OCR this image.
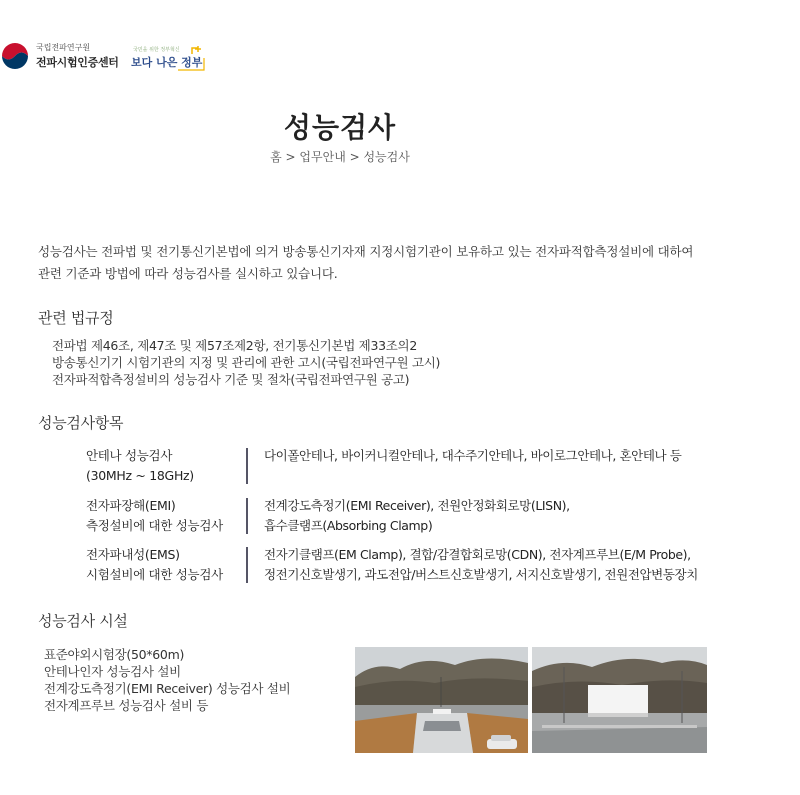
국립전파연구원
전파시험인증센터
국민을 위한 정부혁신
보다 나은 정부
성능검사
홈 > 업무안내 > 성능검사
성능검사는 전파법 및 전기통신기본법에 의거 방송통신기자재 지정시험기관이 보유하고 있는 전자파적합측정설비에 대하여
관련 기준과 방법에 따라 성능검사를 실시하고 있습니다.
관련 법규정
전파법 제46조, 제47조 및 제57조제2항, 전기통신기본법 제33조의2
방송통신기기 시험기관의 지정 및 관리에 관한 고시(국립전파연구원 고시)
전자파적합측정설비의 성능검사 기준 및 절차(국립전파연구원 공고)
성능검사항목
안테나 성능검사
(30MHz ~ 18GHz)
다이폴안테나, 바이커니컬안테나, 대수주기안테나, 바이로그안테나, 혼안테나 등
전자파장해(EMI)
측정설비에 대한 성능검사
전계강도측정기(EMI Receiver), 전원안정화회로망(LISN),
흡수클램프(Absorbing Clamp)
전자파내성(EMS)
시험설비에 대한 성능검사
전자기클램프(EM Clamp), 결합/감결합회로망(CDN), 전자계프루브(E/M Probe),
정전기신호발생기, 과도전압/버스트신호발생기, 서지신호발생기, 전원전압변동장치
성능검사 시설
표준야외시험장(50*60m)
안테나인자 성능검사 설비
전계강도측정기(EMI Receiver) 성능검사 설비
전자계프루브 성능검사 설비 등
